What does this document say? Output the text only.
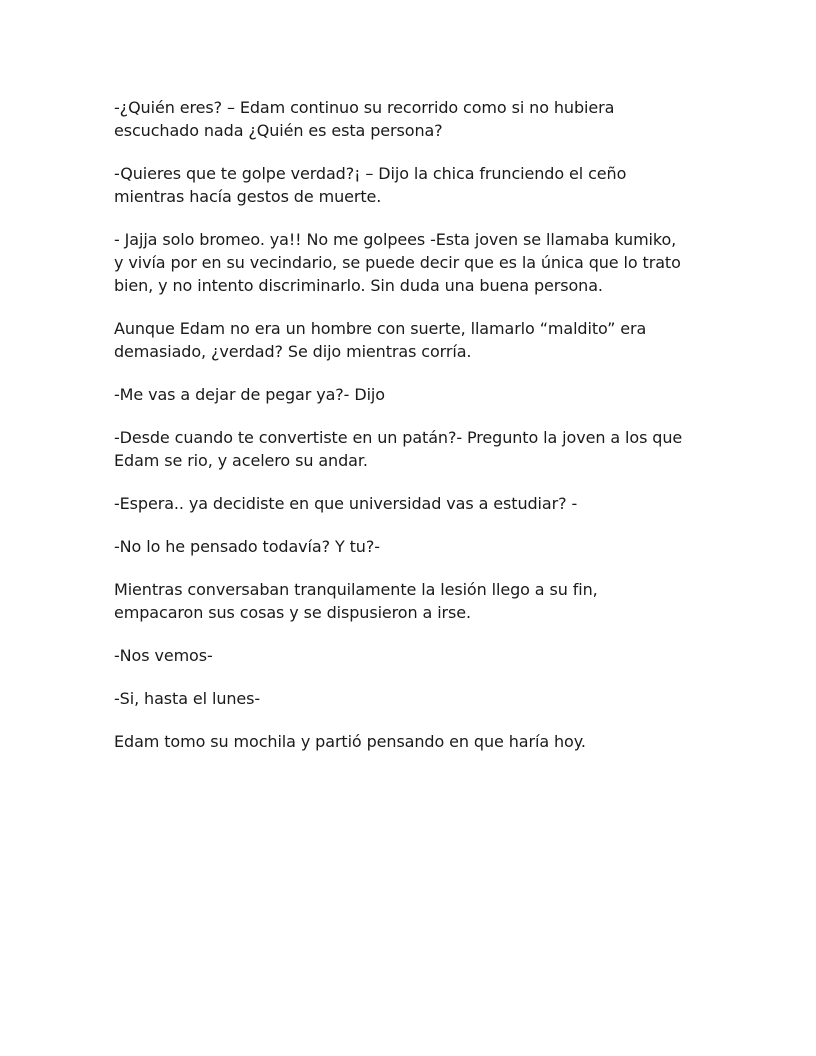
-¿Quién eres? – Edam continuo su recorrido como si no hubiera
escuchado nada ¿Quién es esta persona?

-Quieres que te golpe verdad?¡ – Dijo la chica frunciendo el ceño
mientras hacía gestos de muerte.

- Jajja solo bromeo. ya!! No me golpees -Esta joven se llamaba kumiko,
y vivía por en su vecindario, se puede decir que es la única que lo trato
bien, y no intento discriminarlo. Sin duda una buena persona.

Aunque Edam no era un hombre con suerte, llamarlo “maldito” era
demasiado, ¿verdad? Se dijo mientras corría.

-Me vas a dejar de pegar ya?- Dijo

-Desde cuando te convertiste en un patán?- Pregunto la joven a los que
Edam se rio, y acelero su andar.

-Espera.. ya decidiste en que universidad vas a estudiar? -

-No lo he pensado todavía? Y tu?-

Mientras conversaban tranquilamente la lesión llego a su fin,
empacaron sus cosas y se dispusieron a irse.

-Nos vemos-

-Si, hasta el lunes-

Edam tomo su mochila y partió pensando en que haría hoy.
